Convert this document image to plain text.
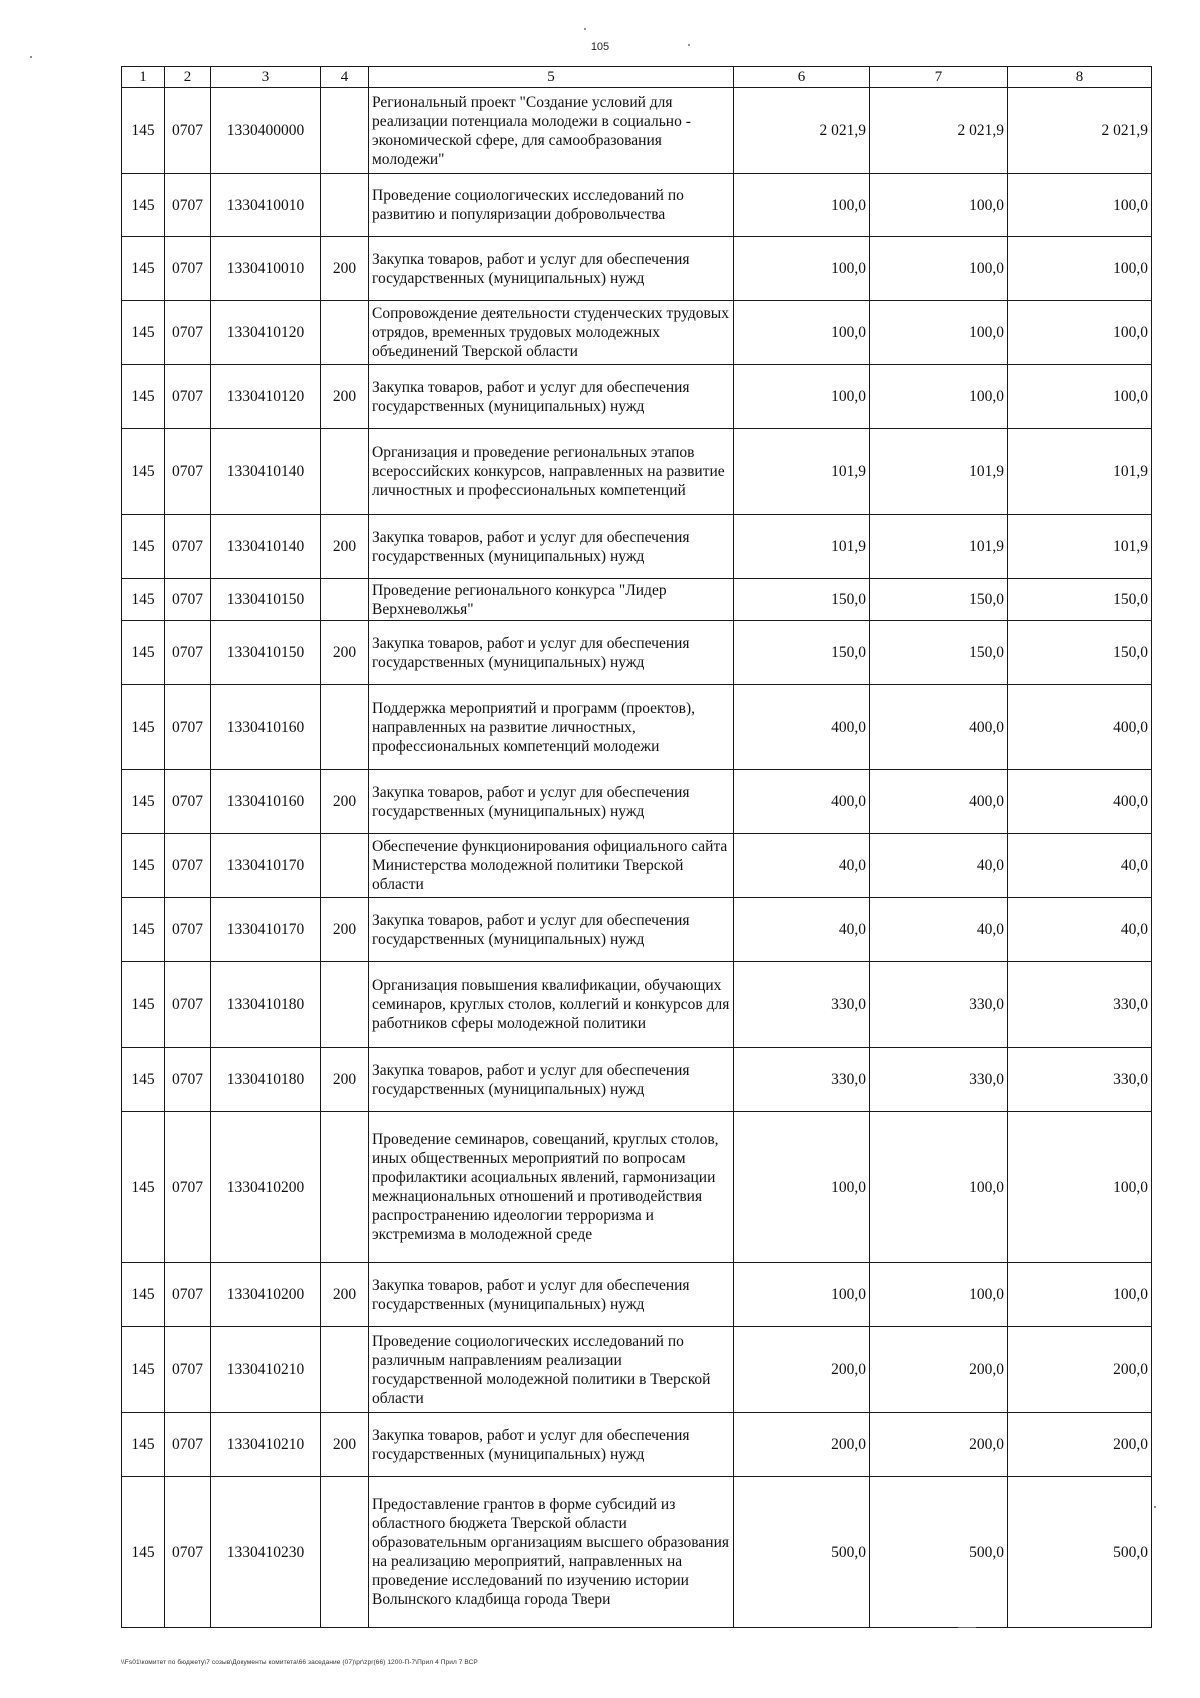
105
1	2	3	4	5	6	7	8
145	0707	1330400000		Региональный проект "Создание условий для реализации потенциала молодежи в социально - экономической сфере, для самообразования молодежи"	2 021,9	2 021,9	2 021,9
145	0707	1330410010		Проведение социологических исследований по развитию и популяризации добровольчества	100,0	100,0	100,0
145	0707	1330410010	200	Закупка товаров, работ и услуг для обеспечения государственных (муниципальных) нужд	100,0	100,0	100,0
145	0707	1330410120		Сопровождение деятельности студенческих трудовых отрядов, временных трудовых молодежных объединений Тверской области	100,0	100,0	100,0
145	0707	1330410120	200	Закупка товаров, работ и услуг для обеспечения государственных (муниципальных) нужд	100,0	100,0	100,0
145	0707	1330410140		Организация и проведение региональных этапов всероссийских конкурсов, направленных на развитие личностных и профессиональных компетенций	101,9	101,9	101,9
145	0707	1330410140	200	Закупка товаров, работ и услуг для обеспечения государственных (муниципальных) нужд	101,9	101,9	101,9
145	0707	1330410150		Проведение регионального конкурса "Лидер Верхневолжья"	150,0	150,0	150,0
145	0707	1330410150	200	Закупка товаров, работ и услуг для обеспечения государственных (муниципальных) нужд	150,0	150,0	150,0
145	0707	1330410160		Поддержка мероприятий и программ (проектов), направленных на развитие личностных, профессиональных компетенций молодежи	400,0	400,0	400,0
145	0707	1330410160	200	Закупка товаров, работ и услуг для обеспечения государственных (муниципальных) нужд	400,0	400,0	400,0
145	0707	1330410170		Обеспечение функционирования официального сайта Министерства молодежной политики Тверской области	40,0	40,0	40,0
145	0707	1330410170	200	Закупка товаров, работ и услуг для обеспечения государственных (муниципальных) нужд	40,0	40,0	40,0
145	0707	1330410180		Организация повышения квалификации, обучающих семинаров, круглых столов, коллегий и конкурсов для работников сферы молодежной политики	330,0	330,0	330,0
145	0707	1330410180	200	Закупка товаров, работ и услуг для обеспечения государственных (муниципальных) нужд	330,0	330,0	330,0
145	0707	1330410200		Проведение семинаров, совещаний, круглых столов, иных общественных мероприятий по вопросам профилактики асоциальных явлений, гармонизации межнациональных отношений и противодействия распространению идеологии терроризма и экстремизма в молодежной среде	100,0	100,0	100,0
145	0707	1330410200	200	Закупка товаров, работ и услуг для обеспечения государственных (муниципальных) нужд	100,0	100,0	100,0
145	0707	1330410210		Проведение социологических исследований по различным направлениям реализации государственной молодежной политики в Тверской области	200,0	200,0	200,0
145	0707	1330410210	200	Закупка товаров, работ и услуг для обеспечения государственных (муниципальных) нужд	200,0	200,0	200,0
145	0707	1330410230		Предоставление грантов в форме субсидий из областного бюджета Тверской области образовательным организациям высшего образования на реализацию мероприятий, направленных на проведение исследований по изучению истории Волынского кладбища города Твери	500,0	500,0	500,0
\\Fs01\комитет по бюджету\7 созыв\Документы комитета\66 заседание (07)\pr\zpr(66) 1200-П-7\Прил 4 Прил 7 ВСР
